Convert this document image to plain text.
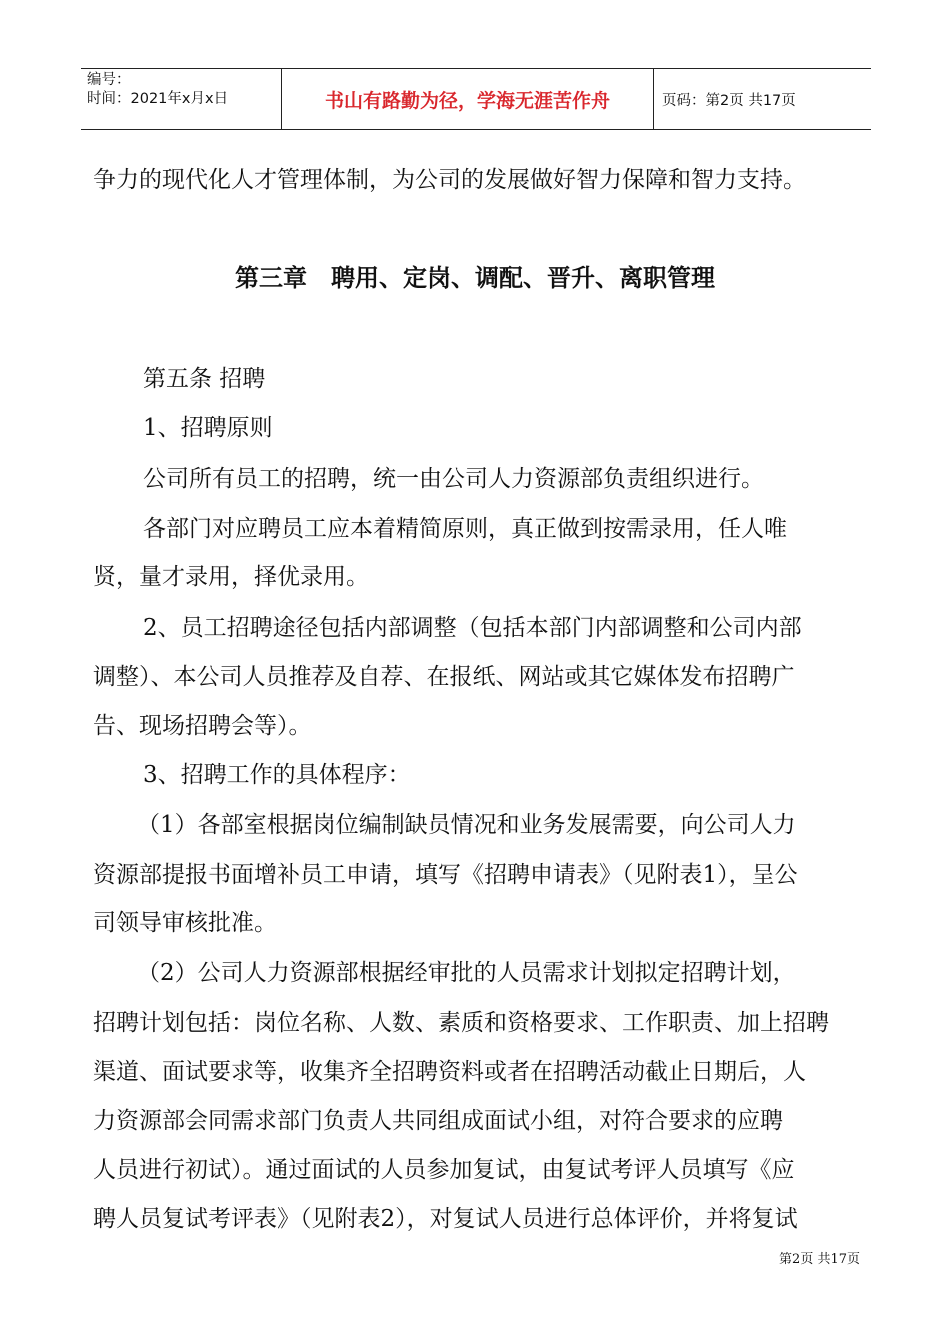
编号：
时间：2021年x月x日	书山有路勤为径，学海无涯苦作舟	页码：第2页 共17页
争力的现代化人才管理体制，为公司的发展做好智力保障和智力支持。
第三章　聘用、定岗、调配、晋升、离职管理
第五条 招聘
1、招聘原则
公司所有员工的招聘，统一由公司人力资源部负责组织进行。
各部门对应聘员工应本着精简原则，真正做到按需录用，任人唯
贤，量才录用，择优录用。
2、员工招聘途径包括内部调整（包括本部门内部调整和公司内部
调整）、本公司人员推荐及自荐、在报纸、网站或其它媒体发布招聘广
告、现场招聘会等）。
3、招聘工作的具体程序：
（1）各部室根据岗位编制缺员情况和业务发展需要，向公司人力
资源部提报书面增补员工申请，填写《招聘申请表》（见附表1），呈公
司领导审核批准。
（2）公司人力资源部根据经审批的人员需求计划拟定招聘计划，
招聘计划包括：岗位名称、人数、素质和资格要求、工作职责、加上招聘
渠道、面试要求等，收集齐全招聘资料或者在招聘活动截止日期后，人
力资源部会同需求部门负责人共同组成面试小组，对符合要求的应聘
人员进行初试）。通过面试的人员参加复试，由复试考评人员填写《应
聘人员复试考评表》（见附表2），对复试人员进行总体评价，并将复试
第2页 共17页
